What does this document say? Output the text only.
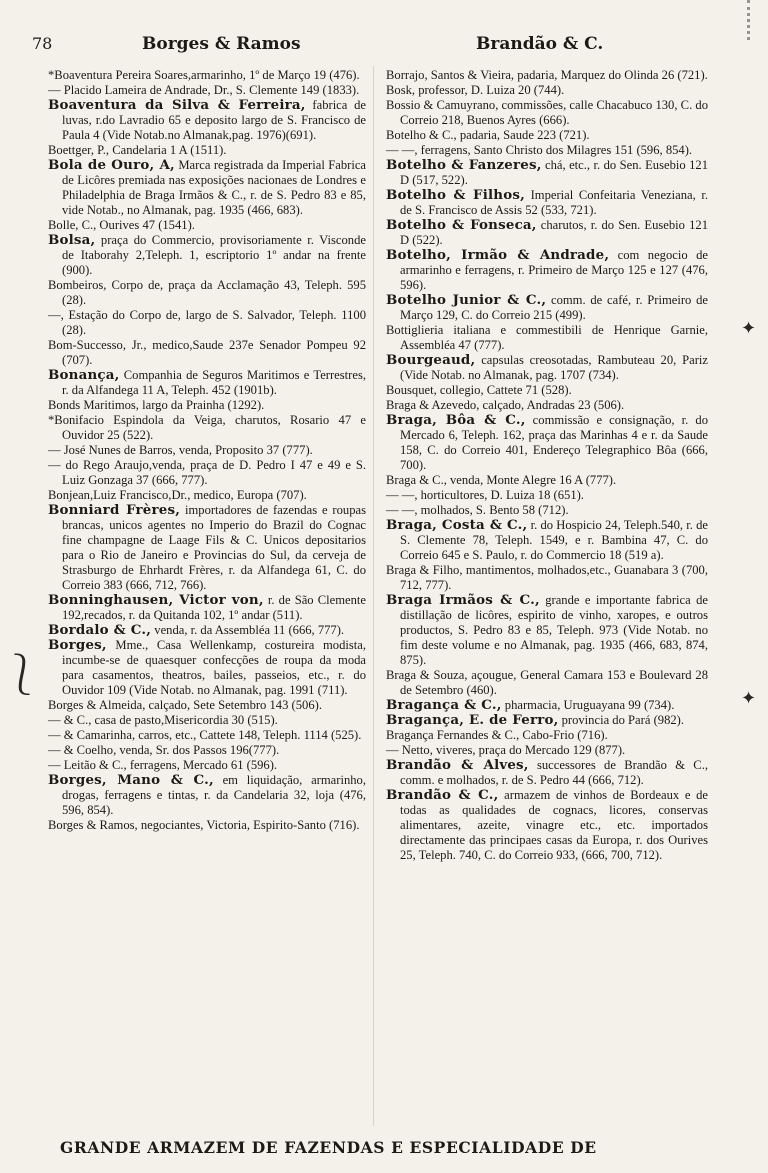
78	Borges & Ramos	Brandão & C.

*Boaventura Pereira Soares,armarinho, 1º de Março 19 (476).

— Placido Lameira de Andrade, Dr., S. Clemente 149 (1833).

Boaventura da Silva & Ferreira, fabrica de luvas, r.do Lavradio 65 e deposito largo de S. Francisco de Paula 4 (Vide Notab.no Almanak,pag. 1976)(691).

Boettger, P., Candelaria 1 A (1511).

Bola de Ouro, A, Marca registrada da Imperial Fabrica de Licôres premiada nas exposições nacionaes de Londres e Philadelphia de Braga Irmãos & C., r. de S. Pedro 83 e 85, vide Notab., no Almanak, pag. 1935 (466, 683).

Bolle, C., Ourives 47 (1541).

Bolsa, praça do Commercio, provisoriamente r. Visconde de Itaborahy 2,Teleph. 1, escriptorio 1º andar na frente (900).

Bombeiros, Corpo de, praça da Acclamação 43, Teleph. 595 (28).

—, Estação do Corpo de, largo de S. Salvador, Teleph. 1100 (28).

Bom-Successo, Jr., medico,Saude 237e Senador Pompeu 92 (707).

Bonança, Companhia de Seguros Maritimos e Terrestres, r. da Alfandega 11 A, Teleph. 452 (1901b).

Bonds Maritimos, largo da Prainha (1292).

*Bonifacio Espindola da Veiga, charutos, Rosario 47 e Ouvidor 25 (522).

— José Nunes de Barros, venda, Proposito 37 (777).

— do Rego Araujo,venda, praça de D. Pedro I 47 e 49 e S. Luiz Gonzaga 37 (666, 777).

Bonjean,Luiz Francisco,Dr., medico, Europa (707).

Bonniard Frères, importadores de fazendas e roupas brancas, unicos agentes no Imperio do Brazil do Cognac fine champagne de Laage Fils & C. Unicos depositarios para o Rio de Janeiro e Provincias do Sul, da cerveja de Strasburgo de Ehrhardt Frères, r. da Alfandega 61, C. do Correio 383 (666, 712, 766).

Bonninghausen, Victor von, r. de São Clemente 192,recados, r. da Quitanda 102, 1º andar (511).

Bordalo & C., venda, r. da Assembléa 11 (666, 777).

Borges, Mme., Casa Wellenkamp, costureira modista, incumbe-se de quaesquer confecções de roupa da moda para casamentos, theatros, bailes, passeios, etc., r. do Ouvidor 109 (Vide Notab. no Almanak, pag. 1991 (711).

Borges & Almeida, calçado, Sete Setembro 143 (506).

— & C., casa de pasto,Misericordia 30 (515).

— & Camarinha, carros, etc., Cattete 148, Teleph. 1114 (525).

— & Coelho, venda, Sr. dos Passos 196(777).

— Leitão & C., ferragens, Mercado 61 (596).

Borges, Mano & C., em liquidação, armarinho, drogas, ferragens e tintas, r. da Candelaria 32, loja (476, 596, 854).

Borges & Ramos, negociantes, Victoria, Espirito-Santo (716).

Borrajo, Santos & Vieira, padaria, Marquez do Olinda 26 (721).

Bosk, professor, D. Luiza 20 (744).

Bossio & Camuyrano, commissões, calle Chacabuco 130, C. do Correio 218, Buenos Ayres (666).

Botelho & C., padaria, Saude 223 (721).

— —, ferragens, Santo Christo dos Milagres 151 (596, 854).

Botelho & Fanzeres, chá, etc., r. do Sen. Eusebio 121 D (517, 522).

Botelho & Filhos, Imperial Confeitaria Veneziana, r. de S. Francisco de Assis 52 (533, 721).

Botelho & Fonseca, charutos, r. do Sen. Eusebio 121 D (522).

Botelho, Irmão & Andrade, com negocio de armarinho e ferragens, r. Primeiro de Março 125 e 127 (476, 596).

Botelho Junior & C., comm. de café, r. Primeiro de Março 129, C. do Correio 215 (499).

Bottiglieria italiana e commestibili de Henrique Garnie, Assembléa 47 (777).

Bourgeaud, capsulas creosotadas, Rambuteau 20, Pariz (Vide Notab. no Almanak, pag. 1707 (734).

Bousquet, collegio, Cattete 71 (528).

Braga & Azevedo, calçado, Andradas 23 (506).

Braga, Bôa & C., commissão e consignação, r. do Mercado 6, Teleph. 162, praça das Marinhas 4 e r. da Saude 158, C. do Correio 401, Endereço Telegraphico Bôa (666, 700).

Braga & C., venda, Monte Alegre 16 A (777).

— —, horticultores, D. Luiza 18 (651).

— —, molhados, S. Bento 58 (712).

Braga, Costa & C., r. do Hospicio 24, Teleph.540, r. de S. Clemente 78, Teleph. 1549, e r. Bambina 47, C. do Correio 645 e S. Paulo, r. do Commercio 18 (519 a).

Braga & Filho, mantimentos, molhados,etc., Guanabara 3 (700, 712, 777).

Braga Irmãos & C., grande e importante fabrica de distillação de licôres, espirito de vinho, xaropes, e outros productos, S. Pedro 83 e 85, Teleph. 973 (Vide Notab. no fim deste volume e no Almanak, pag. 1935 (466, 683, 874, 875).

Braga & Souza, açougue, General Camara 153 e Boulevard 28 de Setembro (460).

Bragança & C., pharmacia, Uruguayana 99 (734).

Bragança, E. de Ferro, provincia do Pará (982).

Bragança Fernandes & C., Cabo-Frio (716).

— Netto, viveres, praça do Mercado 129 (877).

Brandão & Alves, successores de Brandão & C., comm. e molhados, r. de S. Pedro 44 (666, 712).

Brandão & C., armazem de vinhos de Bordeaux e de todas as qualidades de cognacs, licores, conservas alimentares, azeite, vinagre etc., etc. importados directamente das principaes casas da Europa, r. dos Ourives 25, Teleph. 740, C. do Correio 933, (666, 700, 712).

✦
✦
⎱
GRANDE ARMAZEM DE FAZENDAS E ESPECIALIDADE DE
